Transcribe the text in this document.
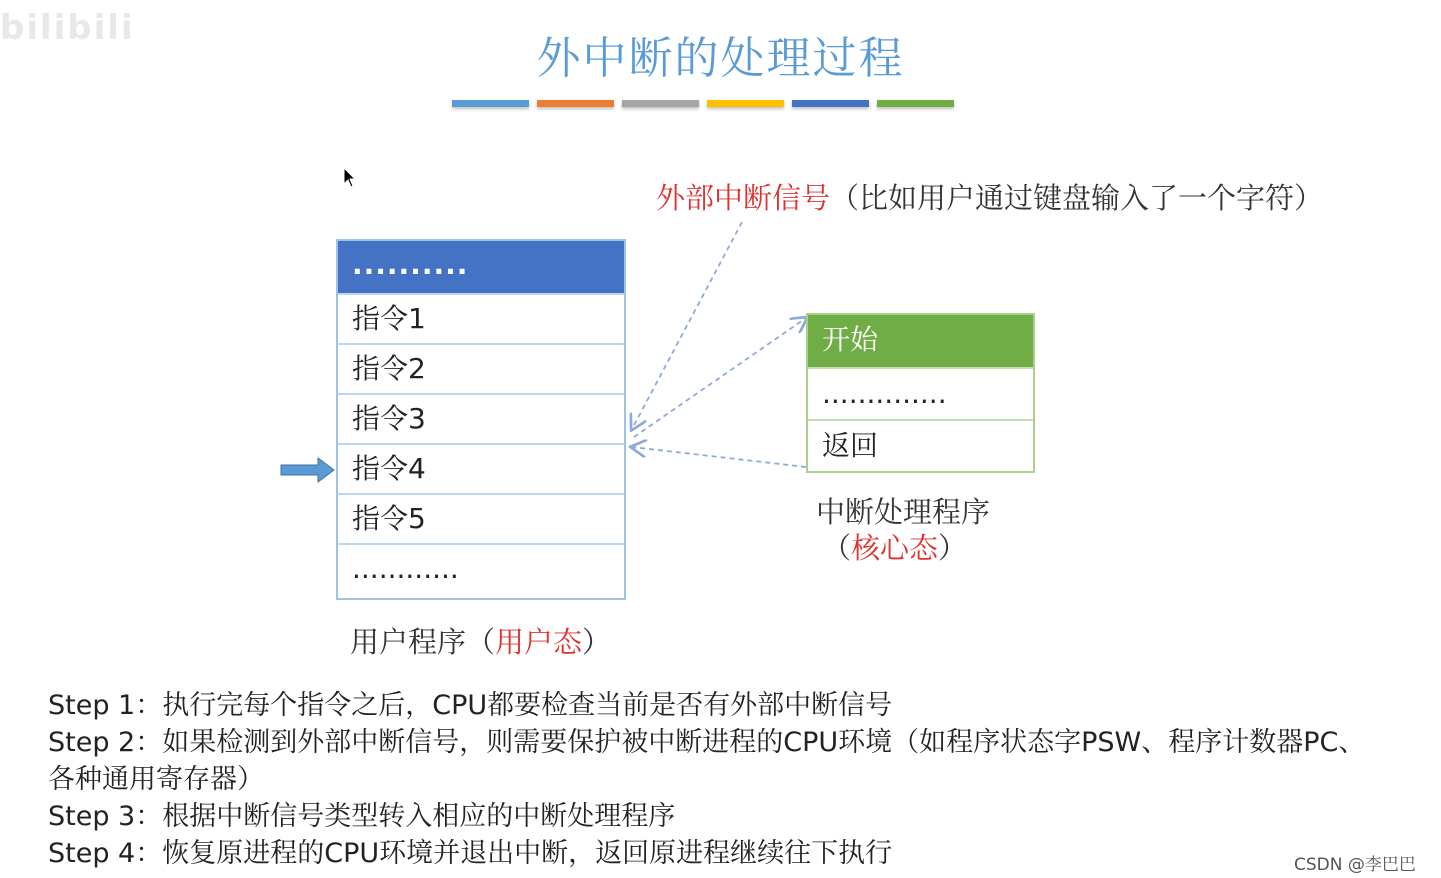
bilibili
外中断的处理过程
外部中断信号（比如用户通过键盘输入了一个字符）
..........
指令1
指令2
指令3
指令4
指令5
............
开始
..............
返回
中断处理程序
（核心态）
用户程序（用户态）

Step 1：执行完每个指令之后，CPU都要检查当前是否有外部中断信号

Step 2：如果检测到外部中断信号，则需要保护被中断进程的CPU环境（如程序状态字PSW、程序计数器PC、各种通用寄存器）

Step 3：根据中断信号类型转入相应的中断处理程序

Step 4：恢复原进程的CPU环境并退出中断，返回原进程继续往下执行	CSDN @李巴巴
